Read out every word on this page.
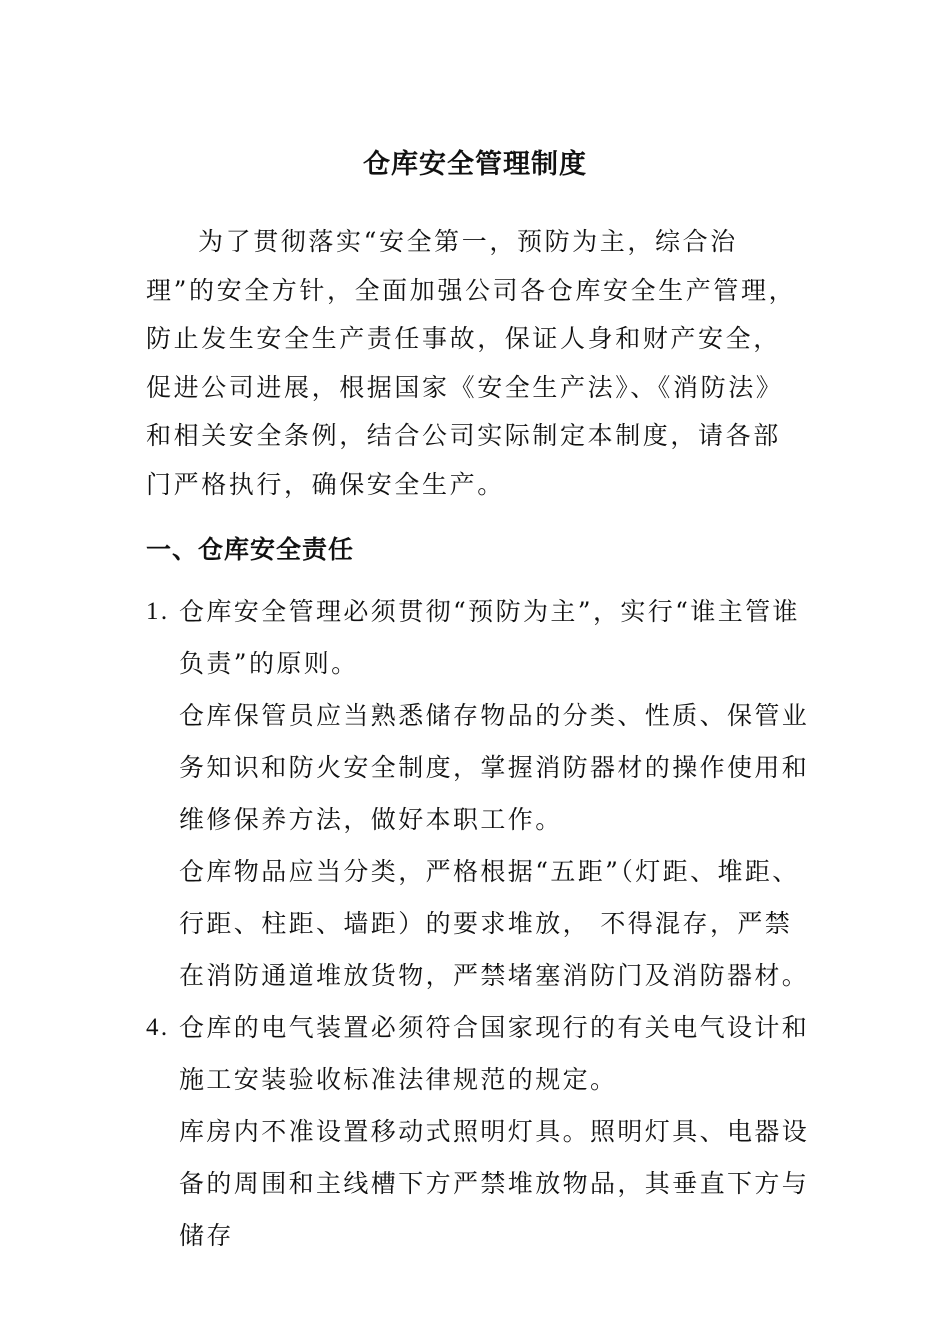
仓库安全管理制度

为了贯彻落实“安全第一，预防为主，综合治理”的安全方针，全面加强公司各仓库安全生产管理，防止发生安全生产责任事故，保证人身和财产安全，促进公司进展，根据国家《安全生产法》、《消防法》和相关安全条例，结合公司实际制定本制度，请各部门严格执行，确保安全生产。

一、仓库安全责任
1. 仓库安全管理必须贯彻“预防为主”，实行“谁主管谁负责”的原则。
仓库保管员应当熟悉储存物品的分类、性质、保管业务知识和防火安全制度，掌握消防器材的操作使用和维修保养方法，做好本职工作。
仓库物品应当分类，严格根据“五距”（灯距、堆距、行距、柱距、墙距）的要求堆放， 不得混存，严禁在消防通道堆放货物，严禁堵塞消防门及消防器材。
4. 仓库的电气装置必须符合国家现行的有关电气设计和施工安装验收标准法律规范的规定。
库房内不准设置移动式照明灯具。照明灯具、电器设备的周围和主线槽下方严禁堆放物品，其垂直下方与储存
